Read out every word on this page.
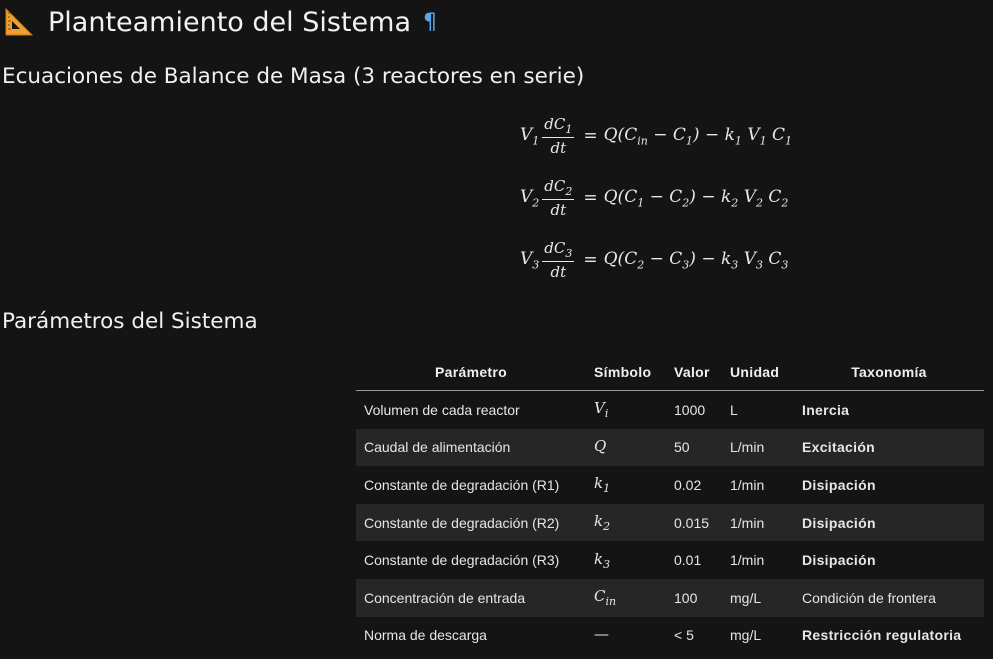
Planteamiento del Sistema ¶
Ecuaciones de Balance de Masa (3 reactores en serie)
$V_1 \frac{dC_1}{dt} = Q(C_{in} - C_1) - k_1$ $V_1$ $C_1$
$V_2 \frac{dC_2}{dt} = Q(C_1 - C_2) - k_2$ $V_2$ $C_2$
$V_3 \frac{dC_3}{dt} = Q(C_2 - C_3) - k_3$ $V_3$ $C_3$
Parámetros del Sistema
Parámetro	Símbolo	Valor	Unidad	Taxonomía
Volumen de cada reactor	$V_i$	1000	L	Inercia
Caudal de alimentación	Q	50	L/min	Excitación
Constante de degradación (R1)	$k_1$	0.02	1/min	Disipación
Constante de degradación (R2)	$k_2$	0.015	1/min	Disipación
Constante de degradación (R3)	$k_3$	0.01	1/min	Disipación
Concentración de entrada	$C_{in}$	100	mg/L	Condición de frontera
Norma de descarga	—	< 5	mg/L	Restricción regulatoria
